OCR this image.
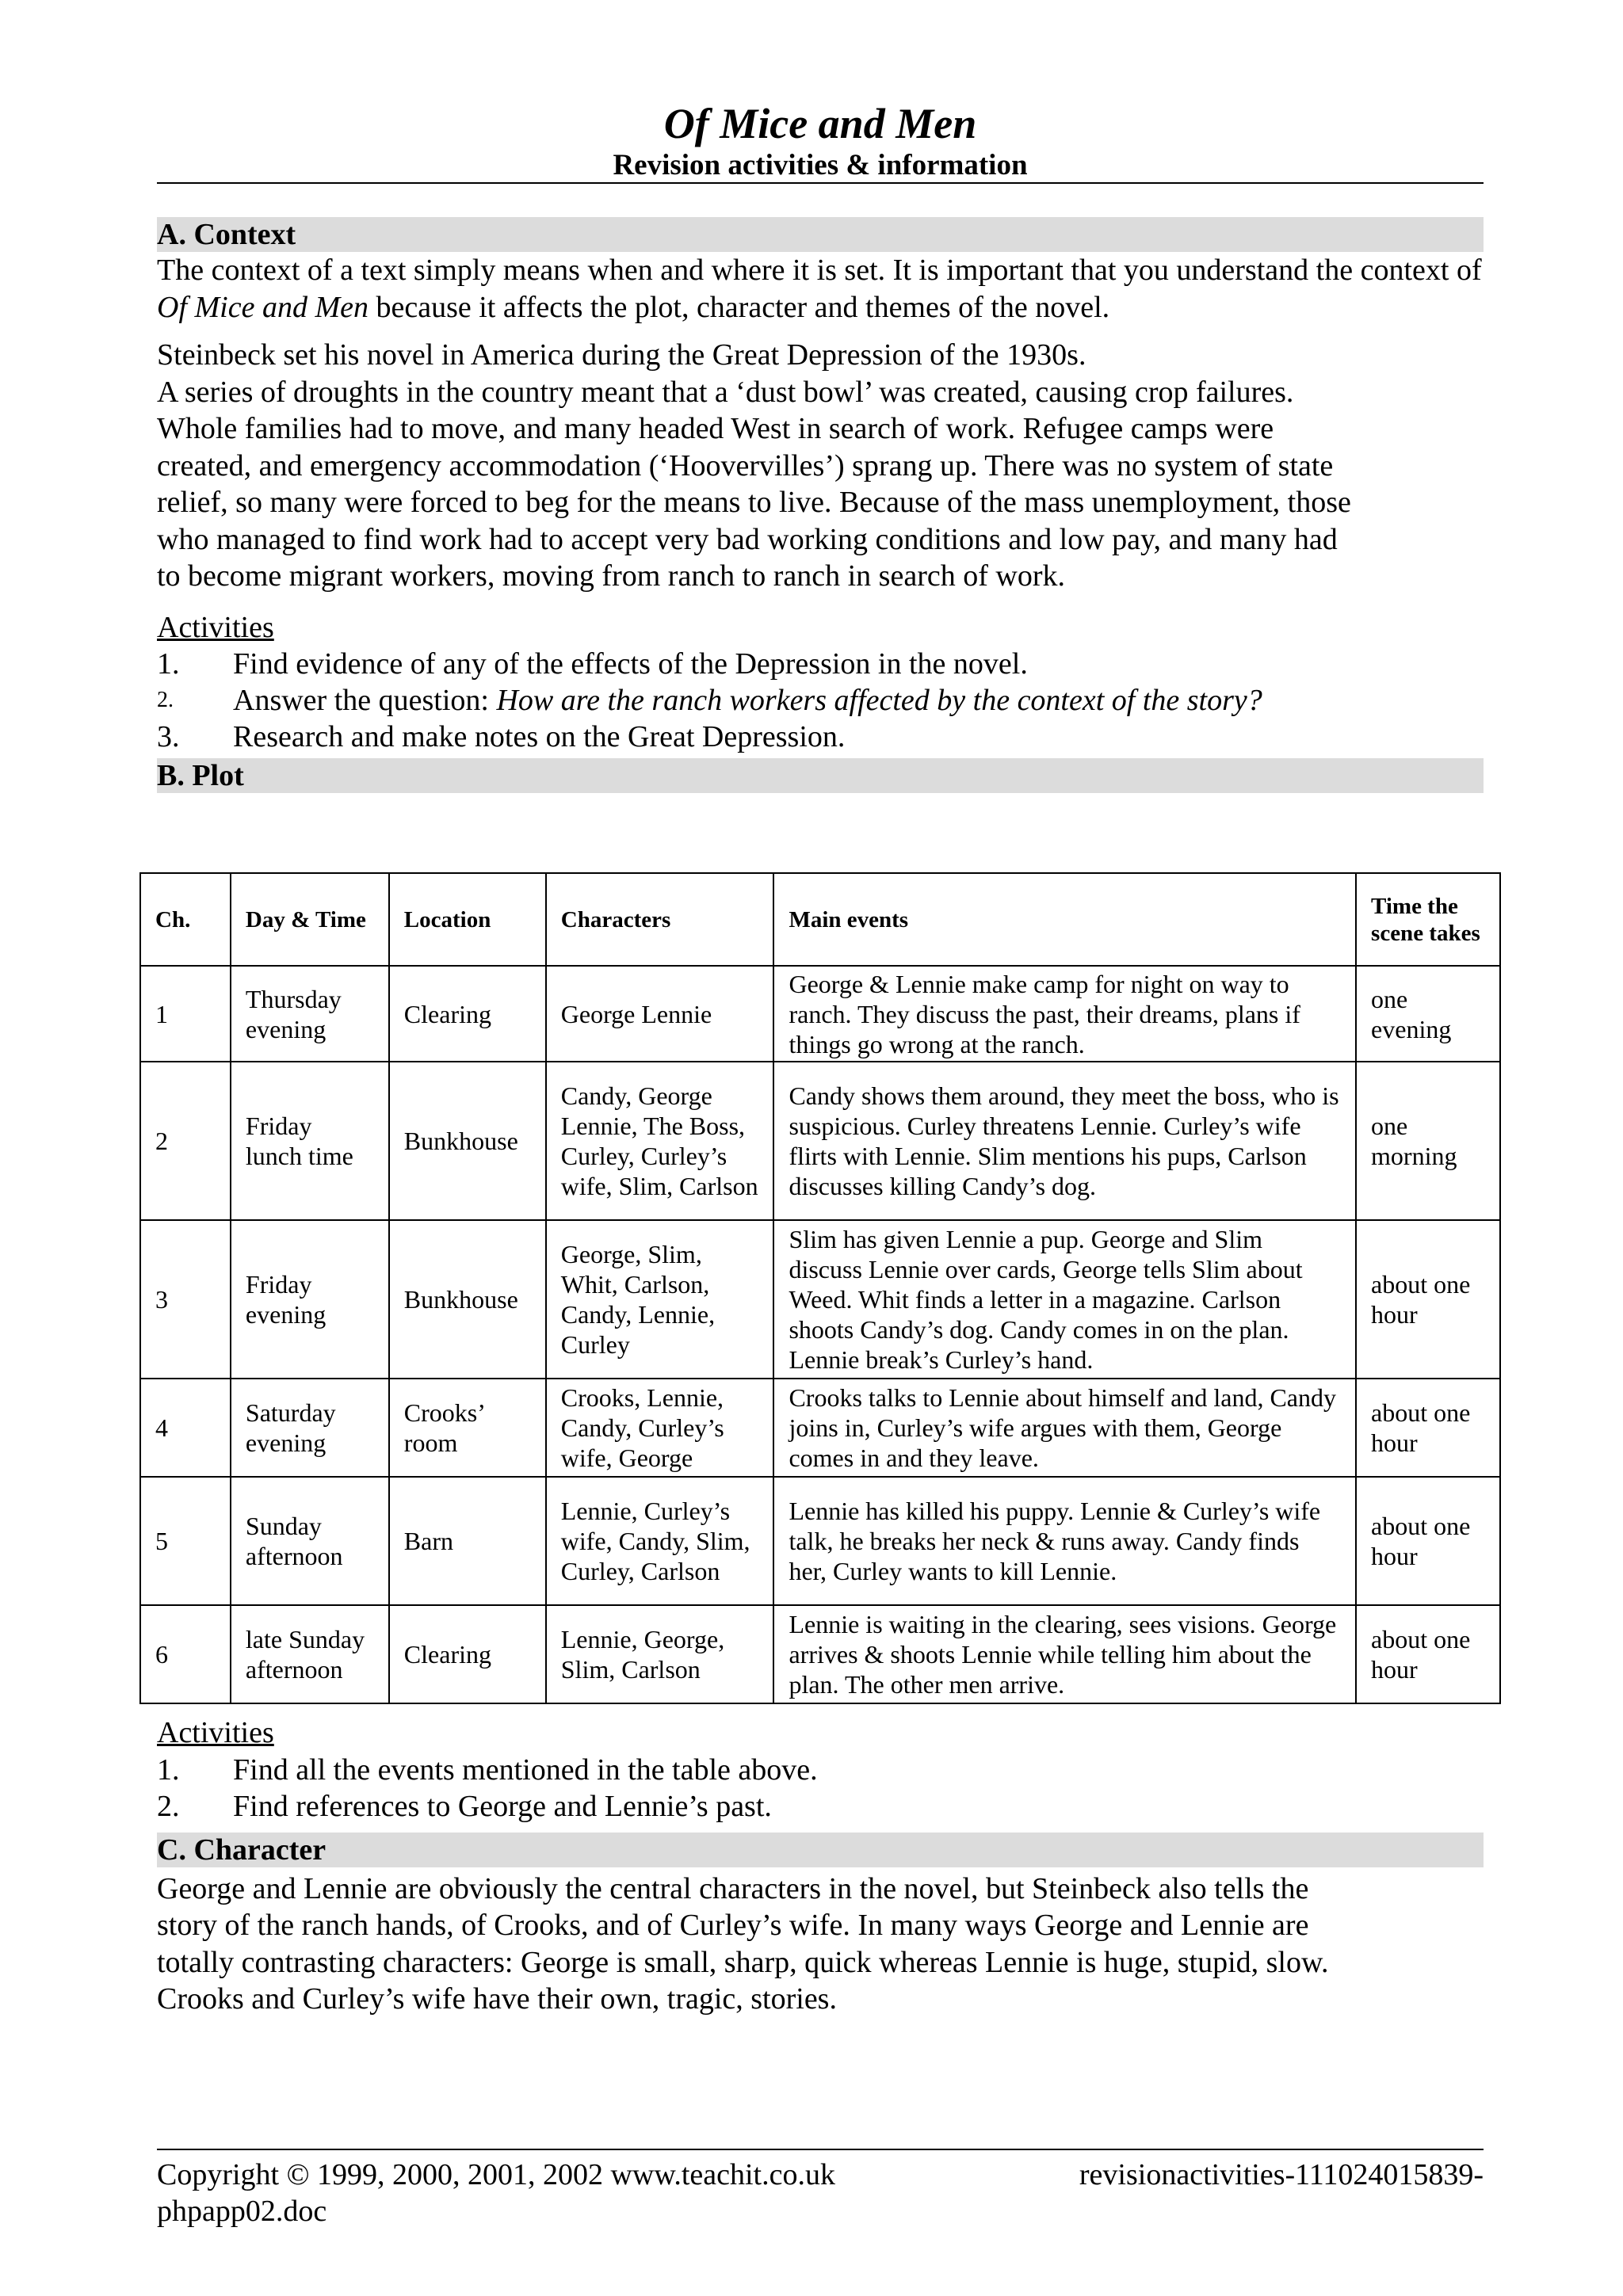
Of Mice and Men
Revision activities & information
A. Context

The context of a text simply means when and where it is set. It is important that you understand the context of Of Mice and Men because it affects the plot, character and themes of the novel.

Steinbeck set his novel in America during the Great Depression of the 1930s.
A series of droughts in the country meant that a ‘dust bowl’ was created, causing crop failures.
Whole families had to move, and many headed West in search of work. Refugee camps were
created, and emergency accommodation (‘Hoovervilles’) sprang up. There was no system of state
relief, so many were forced to beg for the means to live. Because of the mass unemployment, those
who managed to find work had to accept very bad working conditions and low pay, and many had
to become migrant workers, moving from ranch to ranch in search of work.
Activities
1.	Find evidence of any of the effects of the Depression in the novel.
2.	Answer the question: How are the ranch workers affected by the context of the story?
3.	Research and make notes on the Great Depression.
B. Plot
Ch.	Day & Time	Location	Characters	Main events	Time the scene takes
1	Thursday evening	Clearing	George Lennie	George & Lennie make camp for night on way to ranch. They discuss the past, their dreams, plans if things go wrong at the ranch.	one evening
2	Friday lunch time	Bunkhouse	Candy, George Lennie, The Boss, Curley, Curley’s wife, Slim, Carlson	Candy shows them around, they meet the boss, who is suspicious. Curley threatens Lennie. Curley’s wife flirts with Lennie. Slim mentions his pups, Carlson discusses killing Candy’s dog.	one morning
3	Friday evening	Bunkhouse	George, Slim, Whit, Carlson, Candy, Lennie, Curley	Slim has given Lennie a pup. George and Slim discuss Lennie over cards, George tells Slim about Weed. Whit finds a letter in a magazine. Carlson shoots Candy’s dog. Candy comes in on the plan. Lennie break’s Curley’s hand.	about one hour
4	Saturday evening	Crooks’ room	Crooks, Lennie, Candy, Curley’s wife, George	Crooks talks to Lennie about himself and land, Candy joins in, Curley’s wife argues with them, George comes in and they leave.	about one hour
5	Sunday afternoon	Barn	Lennie, Curley’s wife, Candy, Slim, Curley, Carlson	Lennie has killed his puppy. Lennie & Curley’s wife talk, he breaks her neck & runs away. Candy finds her, Curley wants to kill Lennie.	about one hour
6	late Sunday afternoon	Clearing	Lennie, George, Slim, Carlson	Lennie is waiting in the clearing, sees visions. George arrives & shoots Lennie while telling him about the plan. The other men arrive.	about one hour
Activities
1.	Find all the events mentioned in the table above.
2.	Find references to George and Lennie’s past.
C. Character
George and Lennie are obviously the central characters in the novel, but Steinbeck also tells the
story of the ranch hands, of Crooks, and of Curley’s wife. In many ways George and Lennie are
totally contrasting characters: George is small, sharp, quick whereas Lennie is huge, stupid, slow.
Crooks and Curley’s wife have their own, tragic, stories.
Copyright © 1999, 2000, 2001, 2002 www.teachit.co.uk	revisionactivities-111024015839-
phpapp02.doc
